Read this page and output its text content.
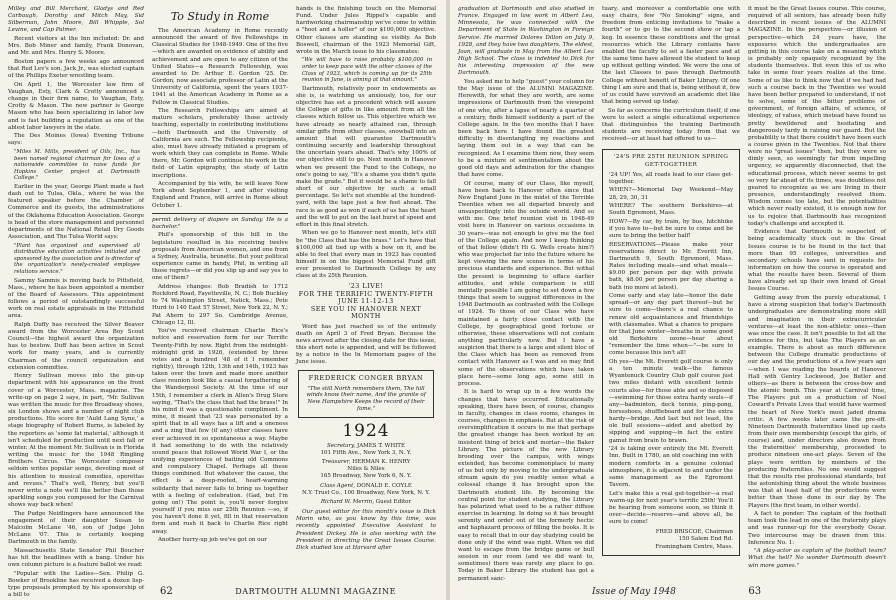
Milley and Bill Merchant, Gladys and Red Carbaugh, Dorothy and Mitch May, Sid Silberman, John Moore, Bill Whipple, Sol Levine, and Cap Palmer.

Recent visitors at the Inn included: Dr. and Mrs. Bob Miner and family, Frank Donovan, and Mr. and Mrs. Henry S. Moore.

Boston papers a few weeks ago announced that Red Lev's son, Jack Jr., was elected captain of the Phillips Exeter wrestling team.

On April 1, the Worcester law firm of Vaughan, Esty, Clark & Crotty announced a change in their firm name, to Vaughan, Esty, Crotty & Mason. The new partner is George Mason who has been specializing in labor law and is fast building a reputation as one of the ablest labor lawyers in the state.

The Des Moines (Iowa) Evening Tribune says:

"Miles M. Mills, president of Oils, Inc., has been named regional chairman for Iowa of a nationwide committee to raise funds for Hopkins Center project at Dartmouth College."

Earlier in the year, George Plant made a fast dash out to Tulsa, Okla., where he was the featured speaker before the Chamber of Commerce and its guests, the administrations of the Oklahoma Education Association. George is head of the store management and personnel departments of the National Retail Dry Goods Association, and The Tulsa World says:

"Plant has organized and supervised all distributive education activities initiated and sponsored by the association and is director of the organization's newly-created employee relations service."

Sammy Sammis is moving back to Pittsfield, Mass., where he has been appointed a member of the Board of Assessors. This appointment follows a period of outstandingly successful work on real estate appraisals in the Pittsfield area.

Ralph Duffy has received the Silver Beaver award from the Worcester Area Boy Scout Council—the highest award the organization has to bestow. Duff has been active in Scout work for many years, and is currently Chairman of the council organization and extension committee.

Henry Sullivan moves into the pin-up department with his appearance on the front cover of a Worcester, Mass. magazine. The write-up on page 2 says, in part, "Mr. Sullivan was written the music for five Broadway shows, six London shows and a number of night club productions. His score for 'Auld Lang Syne,' a stage biography of Robert Burns, is labeled by the reporters as 'some fat material,' although it isn't scheduled for production until next fall or winter. At the moment Mr. Sullivan is in Florida writing the music for the 1948 Ringling Brothers Circus. The Worcester composer seldom writes popular songs, devoting most of his attention to musical comedies, operettas and revues." That's well, Henry, but you'll never write a note we'll like better than those sparkling songs you composed for the Carnival shows way back when!

The Pudge Neidlingers have announced the engagement of their daughter Susan to Malcolm McLane '46, son of Judge John McLane '07. This is certainly keeping Dartmouth in the family.

Massachusetts State Senator Phil Boucher has hit the headlines with a bang. Under his own column picture is a feature ballot we read:

"Popular with the Ladies—Sen. Philip G. Bowker of Brookline has received a dozen lisp-type proposals prompted by his sponsorship of a bill to

To Study in Rome

The American Academy in Rome recently announced the award of five Fellowships in Classical Studies for 1948-1949. One of the five—which are awarded on evidence of ability and achievement and are open to any citizen of the United States—a Research Fellowship, was awarded to Dr. Arthur E. Gordon '25. Dr. Gordon, now associate professor of Latin at the University of California, spent the years 1937-1941 at the American Academy in Rome as a Fellow in Classical Studies.

The Research Fellowships are aimed at mature scholars, preferably those actively teaching, especially in contributing institutions—both Dartmouth and the University of California are such. The Fellowship recipients, also, must have already initiated a program of work which they can complete in Rome. While there, Mr. Gordon will continue his work in the field of Latin epigraphy, the study of Latin inscriptions.

Accompanied by his wife, he will leave New York about September 1, and after visiting England and France, will arrive in Rome about October 1.

permit delivery of diapers on Sunday. He is a bachelor."

Phil's sponsorship of this bill in the legislature resulted in his receiving twelve proposals from American women, and one from a Sydney, Australia, brunette. But your political experience came in handy, Phil, in writing all those regrets—or did you slip up and say yes to one of them?

Address changes: Bob Bradish to 1712 Rockford Road, Fayetteville, N. C.; Bob Buckley to 74 Washington Street, Natick, Mass.; Pete Hurd to 140 East 57 Street, New York 22, N. Y.; Pat Ahern to 297 So. Cambridge Avenue, Chicago 12, Ill.

You've received chairman Charlie Rice's notice and reservation form for our Terrific Twenty-Fifth by now. Right from the midnight-midnight grid in 1926, (extended by three votes and a hundred '48 of it I remember rightly), through 12th, 13th and 14th, 1923 has taken over the town and made more another class reunion look like a casual forgathering of the Wanderpool Society. At the time of our 15th, I remember a clerk in Allen's Drug Store saying, "That's the class that had the brass!" In his mind it was a questionable compliment. In mine, it meant that '23 was personated by a spirit that in all ways has a lift and a oneness and a zing that few (if any) other classes have ever achieved in so spontaneous a way. Maybe it had something to do with the relatively sound peace that followed World War I, or the unifying experiences of baiting old Commons and compulsory Chapel. Perhaps all these things combined. But whatever the cause, the effect is a deep-rooted, heart-warming solidarity that never fails to bring us together with a feeling of celebration. (Gad, but I'm going on!) The point is, you'll never forgive yourself if you miss our 25th Reunion —so, if you haven't done it yet, fill in that reservation form and rush it back to Charlie Rice right away.

Another hurry-up job we've got on our

hands is the finishing touch on the Memorial Fund. Under Jules Rippel's capable and hardworking chairmanship we've come to within a "hoot and a holler" of our $100,000 objective. Other classes are standing us visibly. As Bob Boswell, chairman of the 1923 Memorial Gift, wrote in the March issue to his classmates:

"We will have to raise probably $100,000 in order to keep pace with the other classes of the Class of 1923, which is coming up for its 25th reunion in June, is aiming at that amount."

Dartmouth, relatively poor in endowments as she is, is watching us anxiously, too, for our objective has set a precedent which will assure the College of gifts in like amount from all the classes which follow us. This objective which we have already so nearly attained can, through similar gifts from other classes, snowball into an amount that will guarantee Dartmouth's continuing security and leadership throughout the uncertain years ahead. That's why 100% of our objective still to go. Next month in Hanover when we present the Fund to the College, no one's going to say, "It's a shame you didn't quite make the grade." But it would be a shame to fall short of our objective by such a small percentage. So let's not stumble at the hundred-yard, with the tape just a few feet ahead. The race is as good as won if each of us has the heart and the will to put on the last burst of speed and effort in this final stretch.

When we go to Hanover next month, let's still be "the Class that has the brass." Let's have that $100,000 all tied up with a bow on it, and be able to feel that every man in 1923 has counted himself in on the biggest Memorial Fund gift ever presented to Dartmouth College by any class at its 25th Reunion.

'23 LIVE!
FOR THE TERRIFIC TWENTY-FIFTH
JUNE 11-12-13
SEE YOU IN HANOVER NEXT MONTH

Word has just reached us of the untimely death on April 3 of Fred Bryan. Because the news arrived after the closing date for this issue, this short note is appended, and will be followed by a notice in the In Memoriam pages of the June issue.

FREDERICK CONGER BRYAN
"The still North remembers them, The hill winds know their name, And the granite of New Hampshire Keeps the record of their fame."
1924
Secretary, JAMES T. WHITE
101 Fifth Ave., New York 3, N. Y.
Treasurer, HERMAN K. HENRY
Niles & Niles
165 Broadway, New York 6, N. Y.
Class Agent, DONALD E. COYLE
N.Y. Trust Co., 100 Broadway, New York, N. Y.
Richard W. Merrin, Guest Editor

Our guest editor for this month's issue is Dick Morin who, as you know by this time, was recently appointed Executive Assistant to President Dickey. He is also working with the President in directing the Great Issues Course. Dick studied law at Harvard after

62	DARTMOUTH ALUMNI MAGAZINE

graduation at Dartmouth and also studied in France. Engaged in law work in Albert Lea, Minnesota, he was connected with the Department of State in Washington in Foreign Service. He married Dolores Dillon on July 9, 1928, and they have two daughters. The eldest, Joan, will graduate in May from the Albert Lea High School. The class is indebted to Dick for his interesting impression of the new Dartmouth.

You asked me to help "guest" your column for the May issue of the ALUMNI MAGAZINE. Herewith, for what they are worth, are some impressions of Dartmouth from the viewpoint of one who, after a lapse of nearly a quarter of a century, finds himself suddenly a part of the College again. In the two months that I have been back here I have found the greatest difficulty in disentangling my reactions and laying them out in a way that can be recognized. As I examine them now, they seem to be a mixture of sentimentalism about the good old days and admiration for the changes that have come.

Of course, many of our Class, like myself, have been back to Hanover often since that New England June in the midst of the Terrible Twenties when we all departed bravely and unsuspectingly into the outside world. And so with me. One brief reunion visit in 1948-49 visit here in Hanover on various occasions in 30 years—was not enough to give me the feel of the College again. And now I keep thinking of that fellow (didn't Hi G. Wells create him?) who was projected far into the future where he kept viewing the new scenes in terms of his precious standards and experience. But withal the present is beginning to efface earlier attitudes, and while comparison is still mentally possible I am going to set down a few things that seem to suggest differences in the 1948 Dartmouth as contrasted with the College of 1924. To those of our Class who have maintained a fairly close contact with the College, by geographical good fortune or otherwise, these observations will not contain anything particularly new. But I have a suspicion that there is a large and silent bloc of the Class which has been as removed from contact with Hanover as I was and so may find some of the observations which have taken place here—some long ago, some still in process.

It is hard to wrap up in a few words the changes that have occurred. Educationally speaking, there have been, of course, changes in faculty, changes in class rooms, changes in courses, changes in emphasis. But at the risk of oversimplification it occurs to me that perhaps the greatest change has been worked by an insistent thing of brick and mortar—the Baker Library. The picture of the new Library brooding over the campus, with wings extended, has become commonplace to many of us but only by moving to the undergraduate stream again do you readily sense what a colossal change it has brought upon the Dartmouth student life. By becoming the central point for student studying, the Library has polarized what used to be a rather diffuse exercise in learning. In doing so it has brought serenity and order out of the formerly hectic and haphazard process of filling the books. It is easy to recall that in our day studying could be done only if the wind was right. When we did want to escape from the bridge game or bull session in our room (and we did want to, sometimes) there was rarely any place to go. Today in Baker Library the student has got a permanent sanc-

tuary, and moreover a comfortable one with easy chairs, few "No Smoking" signs, and freedom from enticing invitations to "make a fourth" or to go to the second show or tap a keg. In essence these conditions and the great resources which the Library contains have enabled the faculty to set a faster pace and at the same time have allowed the student to keep up without getting winded. We were the one of the last Classes to pass through Dartmouth College without benefit of Baker Library. Of one thing I am sure and that is, being without it, few of us could have survived an academic diet like that being served up today.

So far as concerns the curriculum itself, if one were to select a single educational experience that distinguishes the training Dartmouth students are receiving today from that we received—or at least had offered to us—

'24'S PRE 25TH REUNION SPRING GET-TOGETHER

'24 UP! Yes, all roads lead to our class get-together.

WHEN?—Memorial Day Weekend—May 28, 29, 30, 31

WHERE? The southern Berkshires—at South Egremont, Mass.

HOW?—By car, by train, by bus, hitchhike if you have to—but be sure to come and be sure to bring the better half!

RESERVATIONS—Please make your reservations direct to Mr. Everitt Inn, Dartmouth 9, South Egremont, Mass. Rates including meals—and what meals—$9.00 per person per day with private bath, $8.00 per person per day sharing a bath (no more at latest).

Come early and stay late—honor the date spread—or any day part thereof—but be sure to come—there's a real chance to renew old acquaintances and friendships with classmates. What a chance to prepare for that June winter—breathe in some good old Berkshire ozone—hear about "remember the time when—"—be sure to come because this isn't all!

Oh yes—the Mt. Everett golf course is only a ten minute walk—the famous Wyantenuck Country Club golf course just two miles distant with excellent tennis courts also—for those able and so disposed—swimming for those extra hardy souls—if any—badminton, deck tennis, ping-pong, horseshoes, shuffleboard and for the extra hardy—bridge. And last but not least, the ole bull sessions—aided and abetted by sipping and supping—in fact the entire gamut from brain to brawn.

'24 is taking over entirely the Mt. Everett Inn. Built in 1780, an old coaching inn with modern comforts in a genuine colonial atmosphere, it is adjacent to and under the same management as the Egremont Tavern.

Let's make this a real get-together—a real warm-up for next year's terrific 25th! You'll be hearing from someone soon, so think it over—decide—reserve—and above all, be sure to come!

FRED BRISCOE, Chairman
150 Salem End Rd.
Framingham Centre, Mass.

it must be the Great Issues course. This course, required of all seniors, has already been fully described in recent issues of the ALUMNI MAGAZINE. In the perspective—or illusion of perspective—which 24 years have, the exposures which the undergraduates are getting in this course take on a meaning which is probably only opaquely recognized by the students themselves. But even this of us who take in some four years realize at the time. Some of us like to think now that if we had had such a course back in the Twenties we would have been better prepared to understand, if not to solve, some of the bitter problems of government, of foreign affairs, of science, of ideology, of values, which instead have found us pretty bewildered and hesitating and dangerously tardy in raising our guard. But the probability is that there couldn't have been such a course given in the Twenties. Not that there were no "great issues" then, but they were so dimly seen, so seemingly far from impelling urgency, so apparently disconnected, that the educational process, which never seems to get so very far ahead of its times, was doubtless not geared to recognize as we are living in their presence, understandingly resolved them. Wisdom comes too late, but the potentialities which never really existed, it is enough now for us to rejoice that Dartmouth has recognized today's challenge and accepted it.

Evidence that Dartmouth is suspected of being academically stuck out in the Great Issues course is to be found in the fact that more than 95 colleges, universities and secondary schools have sent in requests for information on how the course is operated and what the results have been. Several of them have already set up their own brand of Great Issues Course.

Getting away from the purely educational, I have a strong suspicion that today's Dartmouth undergraduates are demonstrating more skill and imagination in their extracurricular ventures—at least the non-athletic ones—than was once the case. It isn't possible to list all the evidence for this, but take The Players as an example. There is about as much difference between the College dramatic productions of our day and the productions of a few years ago—when I was reading the boards of Hanover Hall with Gentry Lockwood, Joe Butler and others—as there is between the cross-bow and the atomic bomb. This year at Carnival time, The Players put on a production of Noel Coward's Private Lives that would have warmed the heart of New York's most jaded drama critic. A few weeks later came the pre-off. Nineteen Dartmouth fraternities lined up casts from their own membership (except the girls, of course) and, under directors also drawn from the fraternities' membership, proceeded to produce nineteen one-act plays. Seven of the plays were written by members of the producing fraternities. No one would suggest that the results rise professional standards, but the astonishing thing about the whole business was that at least half of the productions were better than those done in our day by The Players (the first team, in other words).

A fact to ponder: The captain of the football team took the lead in one of the fraternity plays and was runner-up for the everybody Oscar. Two intercourse may be drawn from this. Inference No. 1:

"A play-actor as captain of the football team? What the hell? No wonder Dartmouth doesn't win more games."

Issue of May 1948	63
